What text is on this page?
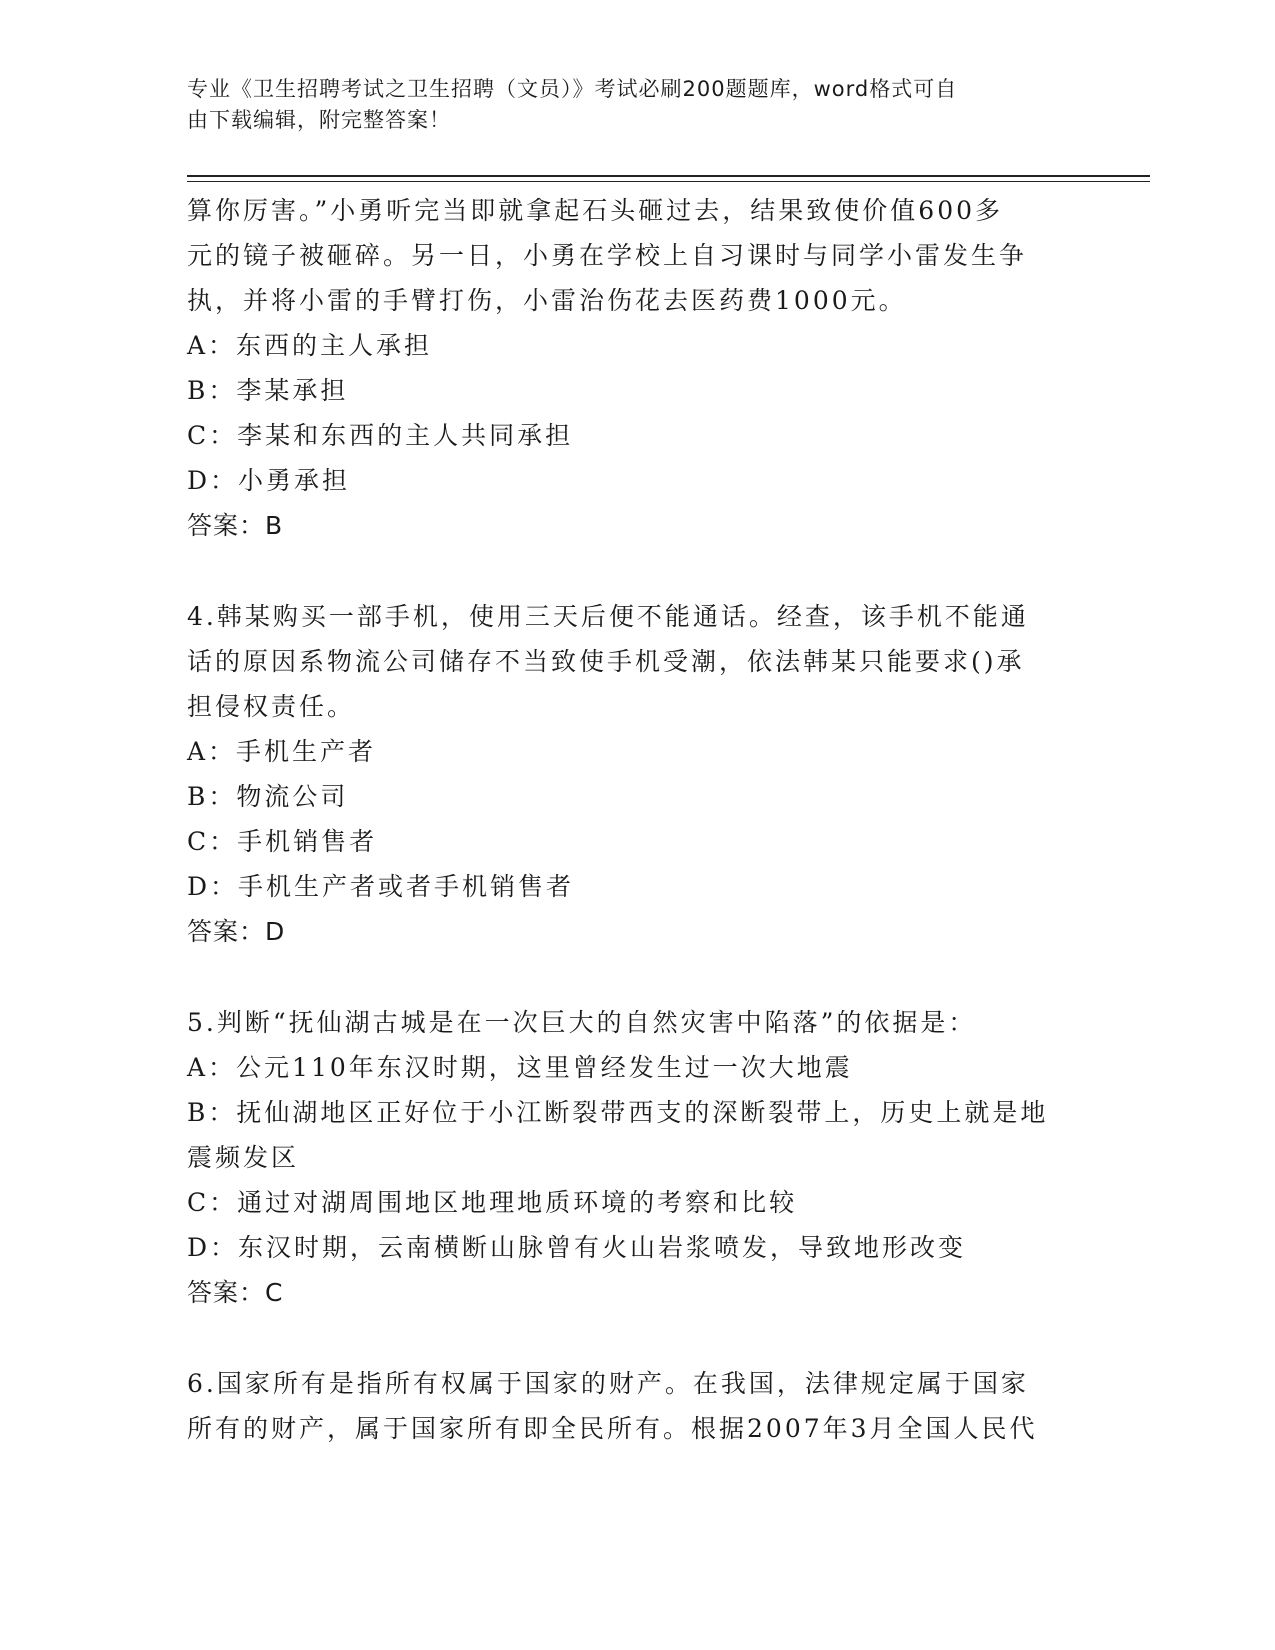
专业《卫生招聘考试之卫生招聘（文员）》考试必刷200题题库，word格式可自
由下载编辑，附完整答案！

算你厉害。”小勇听完当即就拿起石头砸过去，结果致使价值600多

元的镜子被砸碎。另一日，小勇在学校上自习课时与同学小雷发生争

执，并将小雷的手臂打伤，小雷治伤花去医药费1000元。

A：东西的主人承担

B：李某承担

C：李某和东西的主人共同承担

D：小勇承担

答案：B

4.韩某购买一部手机，使用三天后便不能通话。经查，该手机不能通

话的原因系物流公司储存不当致使手机受潮，依法韩某只能要求()承

担侵权责任。

A：手机生产者

B：物流公司

C：手机销售者

D：手机生产者或者手机销售者

答案：D

5.判断“抚仙湖古城是在一次巨大的自然灾害中陷落”的依据是：

A：公元110年东汉时期，这里曾经发生过一次大地震

B：抚仙湖地区正好位于小江断裂带西支的深断裂带上，历史上就是地

震频发区

C：通过对湖周围地区地理地质环境的考察和比较

D：东汉时期，云南横断山脉曾有火山岩浆喷发，导致地形改变

答案：C

6.国家所有是指所有权属于国家的财产。在我国，法律规定属于国家

所有的财产，属于国家所有即全民所有。根据2007年3月全国人民代
